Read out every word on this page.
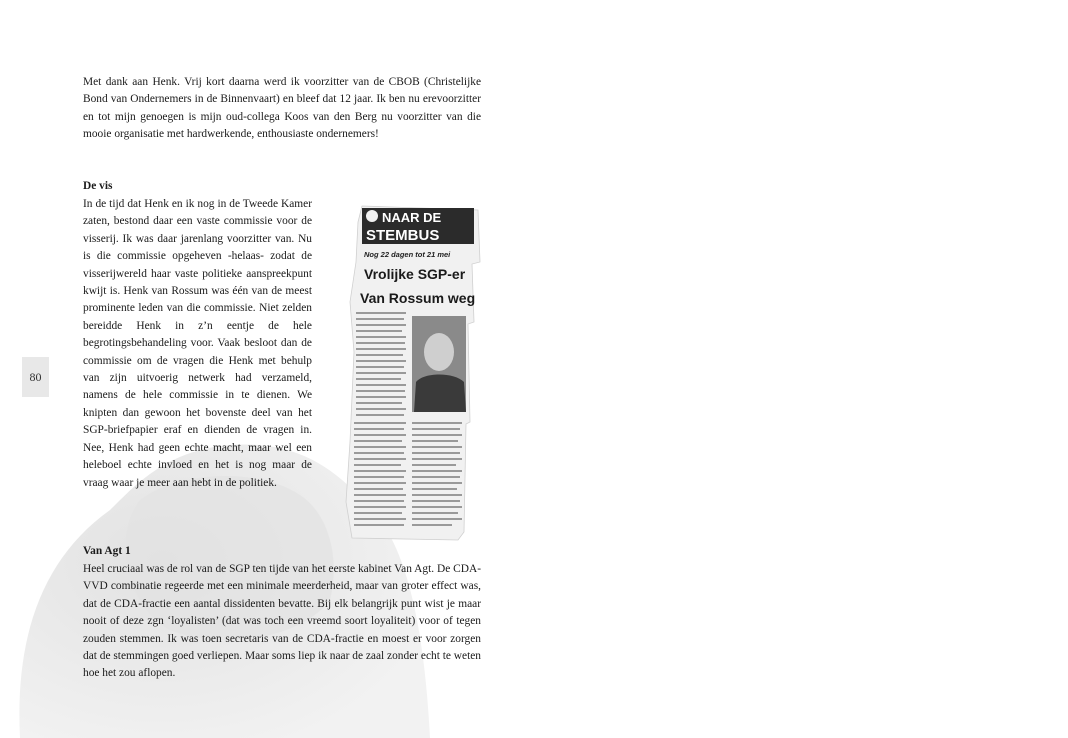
80

Met dank aan Henk. Vrij kort daarna werd ik voorzitter van de CBOB (Christelijke Bond van Ondernemers in de Binnenvaart) en bleef dat 12 jaar. Ik ben nu erevoorzitter en tot mijn genoegen is mijn oud-collega Koos van den Berg nu voorzitter van die mooie organisatie met hardwerkende, enthousiaste ondernemers!

De vis

In de tijd dat Henk en ik nog in de Tweede Kamer zaten, bestond daar een vaste commissie voor de visserij. Ik was daar jarenlang voorzitter van. Nu is die commissie opgeheven -helaas- zodat de visserijwereld haar vaste politieke aanspreekpunt kwijt is. Henk van Rossum was één van de meest prominente leden van die commissie. Niet zelden bereidde Henk in z’n eentje de hele begrotingsbehandeling voor. Vaak besloot dan de commissie om de vragen die Henk met behulp van zijn uitvoerig netwerk had verzameld, namens de hele commissie in te dienen. We knipten dan gewoon het bovenste deel van het SGP-briefpapier eraf en dienden de vragen in. Nee, Henk had geen echte macht, maar wel een heleboel echte invloed en het is nog maar de vraag waar je meer aan hebt in de politiek.

NAAR DE
STEMBUS
Nog 22 dagen tot 21 mei
Vrolijke SGP-er
Van Rossum weg
Van Agt 1

Heel cruciaal was de rol van de SGP ten tijde van het eerste kabinet Van Agt. De CDA-VVD combinatie regeerde met een minimale meerderheid, maar van groter effect was, dat de CDA-fractie een aantal dissidenten bevatte. Bij elk belangrijk punt wist je maar nooit of deze zgn ‘loyalisten’ (dat was toch een vreemd soort loyaliteit) voor of tegen zouden stemmen. Ik was toen secretaris van de CDA-fractie en moest er voor zorgen dat de stemmingen goed verliepen. Maar soms liep ik naar de zaal zonder echt te weten hoe het zou aflopen.
